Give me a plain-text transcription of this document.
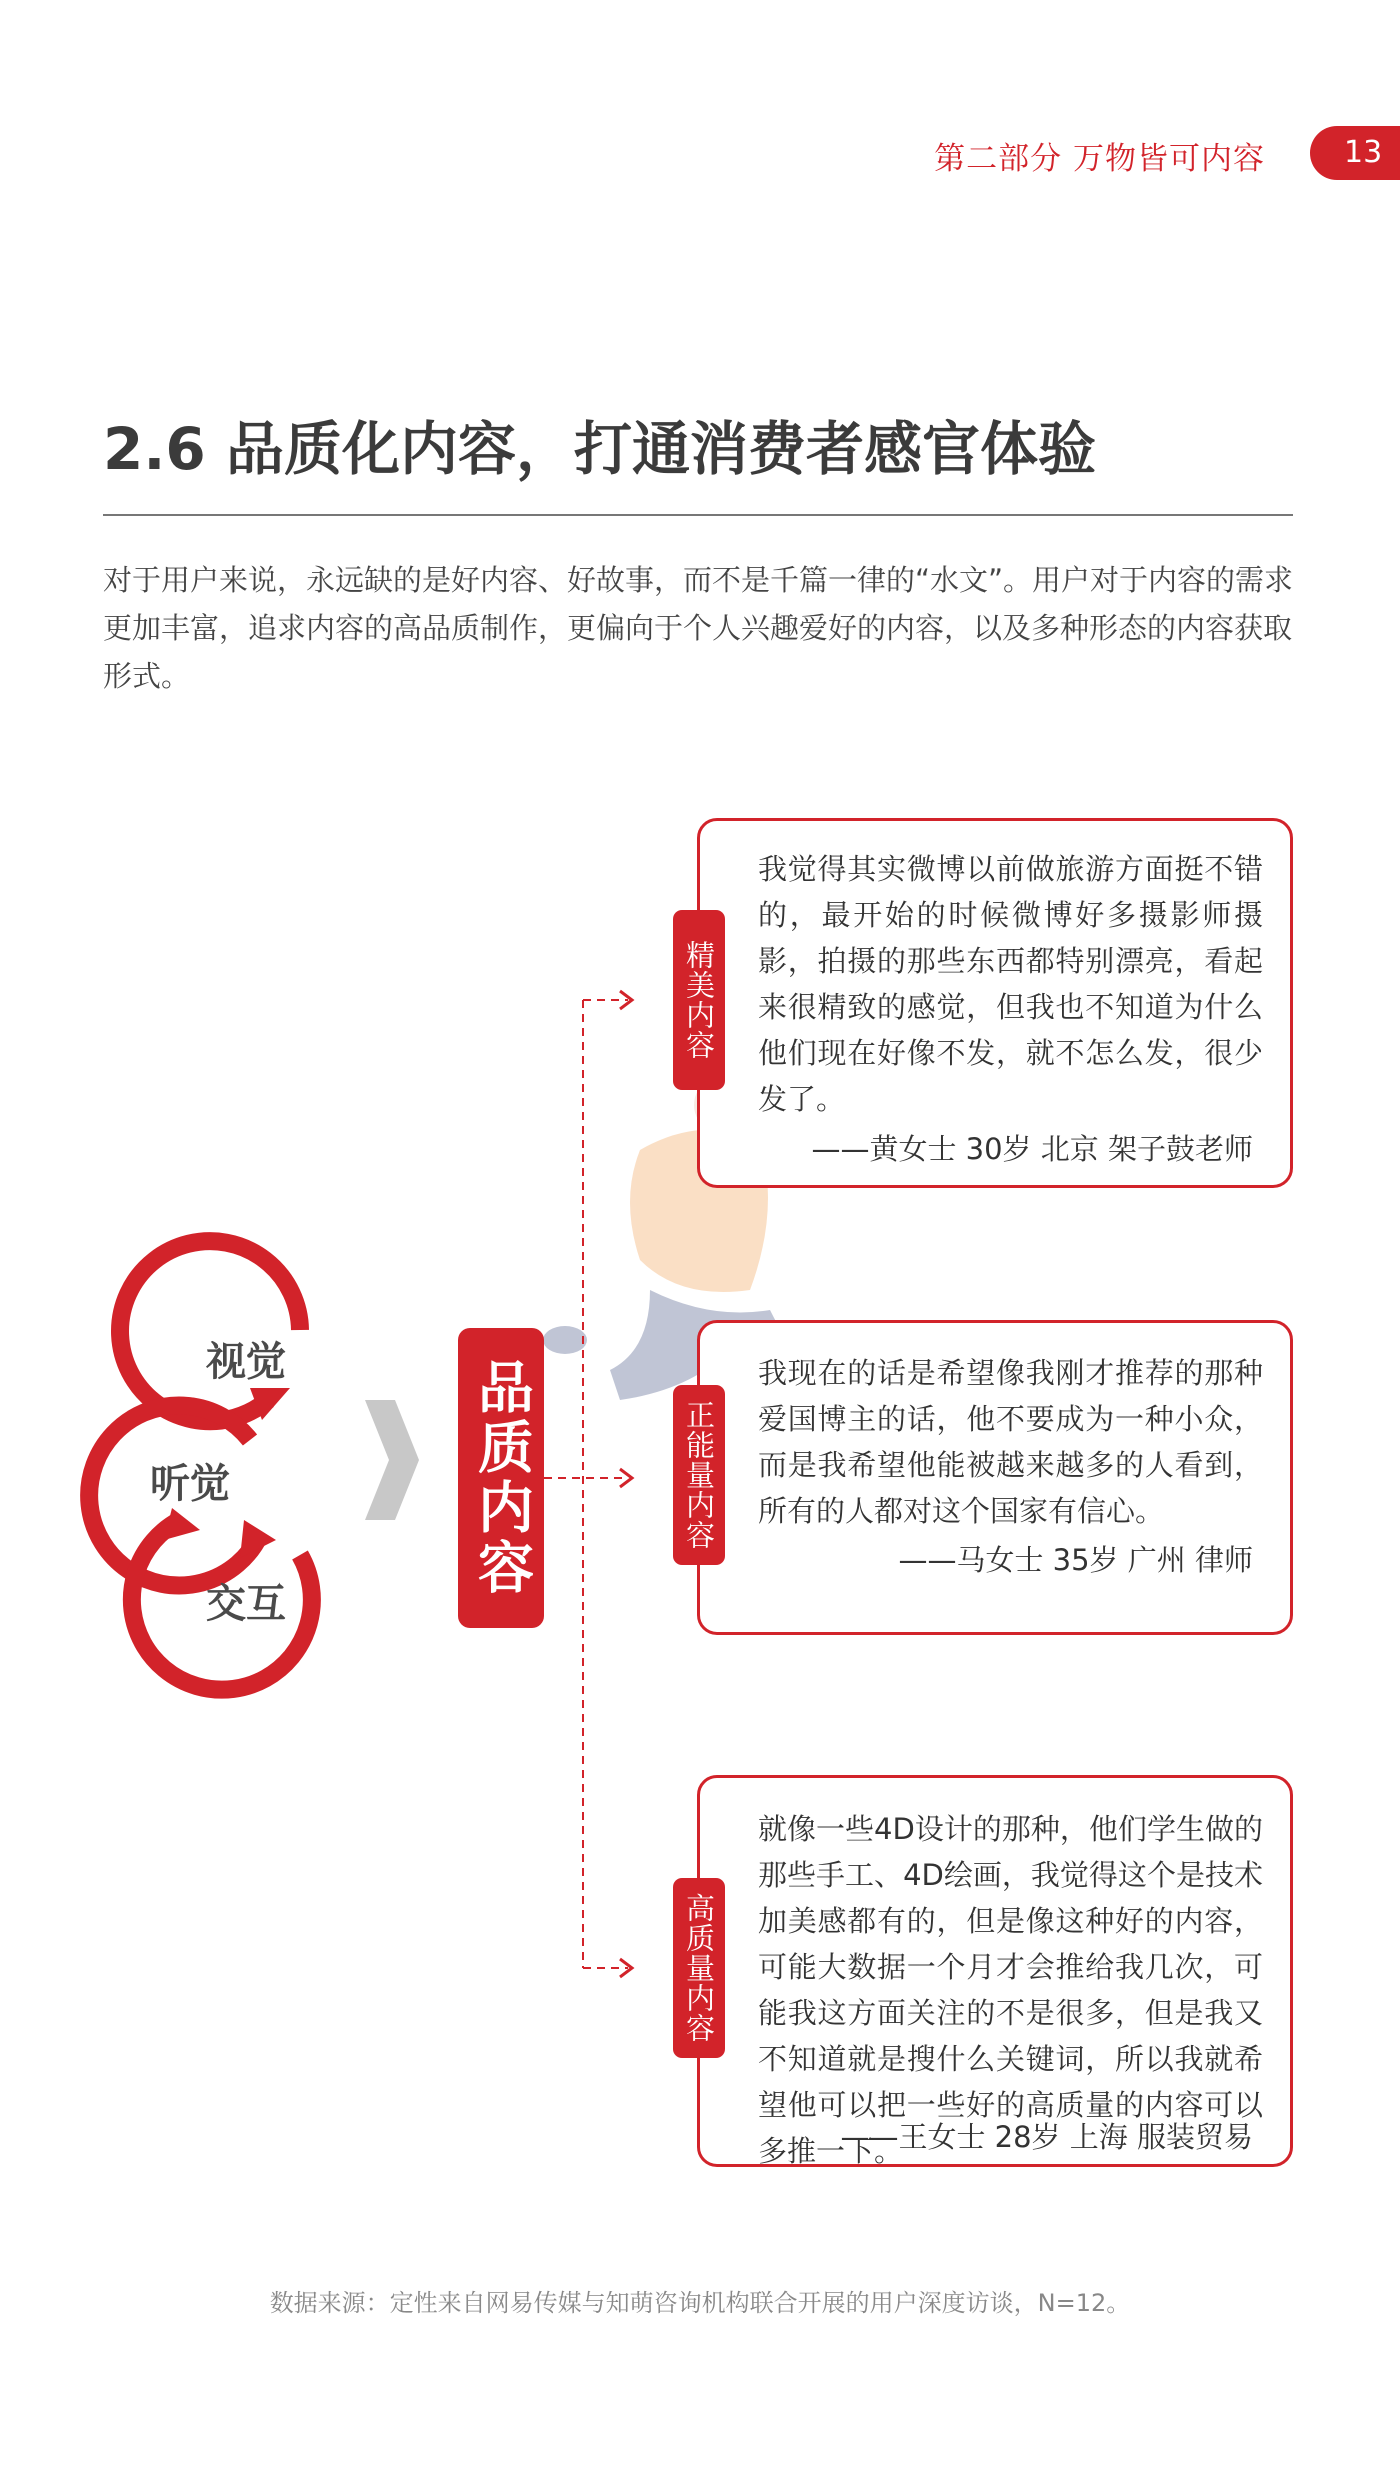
第二部分 万物皆可内容	13
2.6 品质化内容，打通消费者感官体验
对于用户来说，永远缺的是好内容、好故事，而不是千篇一律的“水文”。用户对于内容的需求更加丰富，追求内容的高品质制作，更偏向于个人兴趣爱好的内容，以及多种形态的内容获取形式。
视觉
听觉
交互
品质内容
我觉得其实微博以前做旅游方面挺不错的，最开始的时候微博好多摄影师摄影，拍摄的那些东西都特别漂亮，看起来很精致的感觉，但我也不知道为什么他们现在好像不发，就不怎么发，很少发了。
——黄女士 30岁 北京 架子鼓老师
精美内容
我现在的话是希望像我刚才推荐的那种爱国博主的话，他不要成为一种小众，而是我希望他能被越来越多的人看到，所有的人都对这个国家有信心。
——马女士 35岁 广州 律师
正能量内容
就像一些4D设计的那种，他们学生做的那些手工、4D绘画，我觉得这个是技术加美感都有的，但是像这种好的内容，可能大数据一个月才会推给我几次，可能我这方面关注的不是很多，但是我又不知道就是搜什么关键词，所以我就希望他可以把一些好的高质量的内容可以多推一下。
——王女士 28岁 上海 服装贸易
高质量内容
数据来源：定性来自网易传媒与知萌咨询机构联合开展的用户深度访谈，N=12。
